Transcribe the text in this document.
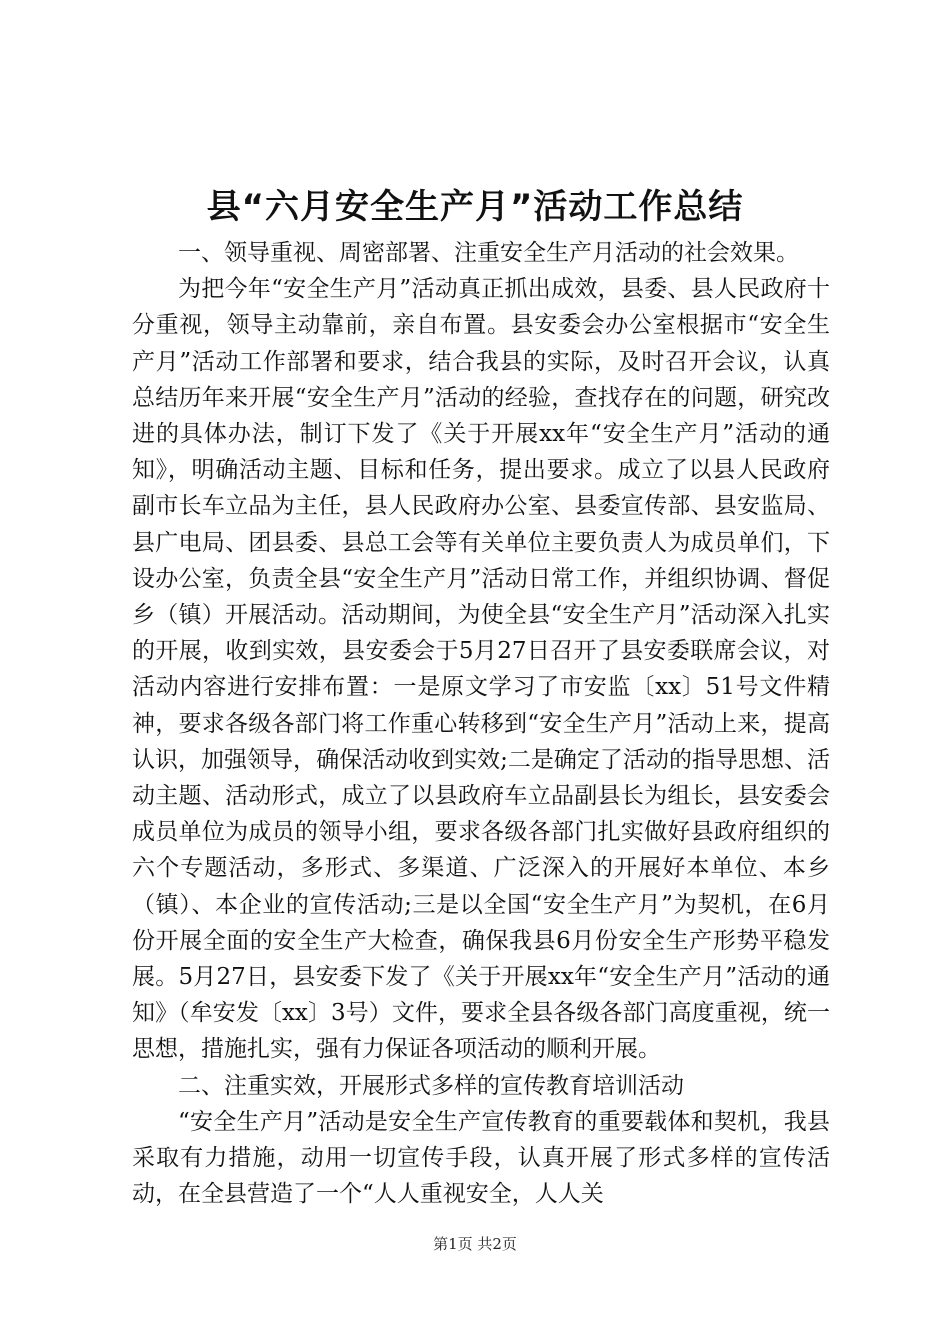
县“六月安全生产月”活动工作总结

一、领导重视、周密部署、注重安全生产月活动的社会效果。

为把今年“安全生产月”活动真正抓出成效，县委、县人民政府十分重视，领导主动靠前，亲自布置。县安委会办公室根据市“安全生产月”活动工作部署和要求，结合我县的实际，及时召开会议，认真总结历年来开展“安全生产月”活动的经验，查找存在的问题，研究改进的具体办法，制订下发了《关于开展xx年“安全生产月”活动的通知》，明确活动主题、目标和任务，提出要求。成立了以县人民政府副市长车立品为主任，县人民政府办公室、县委宣传部、县安监局、县广电局、团县委、县总工会等有关单位主要负责人为成员单们，下设办公室，负责全县“安全生产月”活动日常工作，并组织协调、督促乡（镇）开展活动。活动期间，为使全县“安全生产月”活动深入扎实的开展，收到实效，县安委会于5月27日召开了县安委联席会议，对活动内容进行安排布置：一是原文学习了市安监〔xx〕51号文件精神，要求各级各部门将工作重心转移到“安全生产月”活动上来，提高认识，加强领导，确保活动收到实效;二是确定了活动的指导思想、活动主题、活动形式，成立了以县政府车立品副县长为组长，县安委会成员单位为成员的领导小组，要求各级各部门扎实做好县政府组织的六个专题活动，多形式、多渠道、广泛深入的开展好本单位、本乡（镇）、本企业的宣传活动;三是以全国“安全生产月”为契机，在6月份开展全面的安全生产大检查，确保我县6月份安全生产形势平稳发展。5月27日，县安委下发了《关于开展xx年“安全生产月”活动的通知》（牟安发〔xx〕3号）文件，要求全县各级各部门高度重视，统一思想，措施扎实，强有力保证各项活动的顺利开展。

二、注重实效，开展形式多样的宣传教育培训活动

“安全生产月”活动是安全生产宣传教育的重要载体和契机，我县采取有力措施，动用一切宣传手段，认真开展了形式多样的宣传活动，在全县营造了一个“人人重视安全，人人关

第1页 共2页
